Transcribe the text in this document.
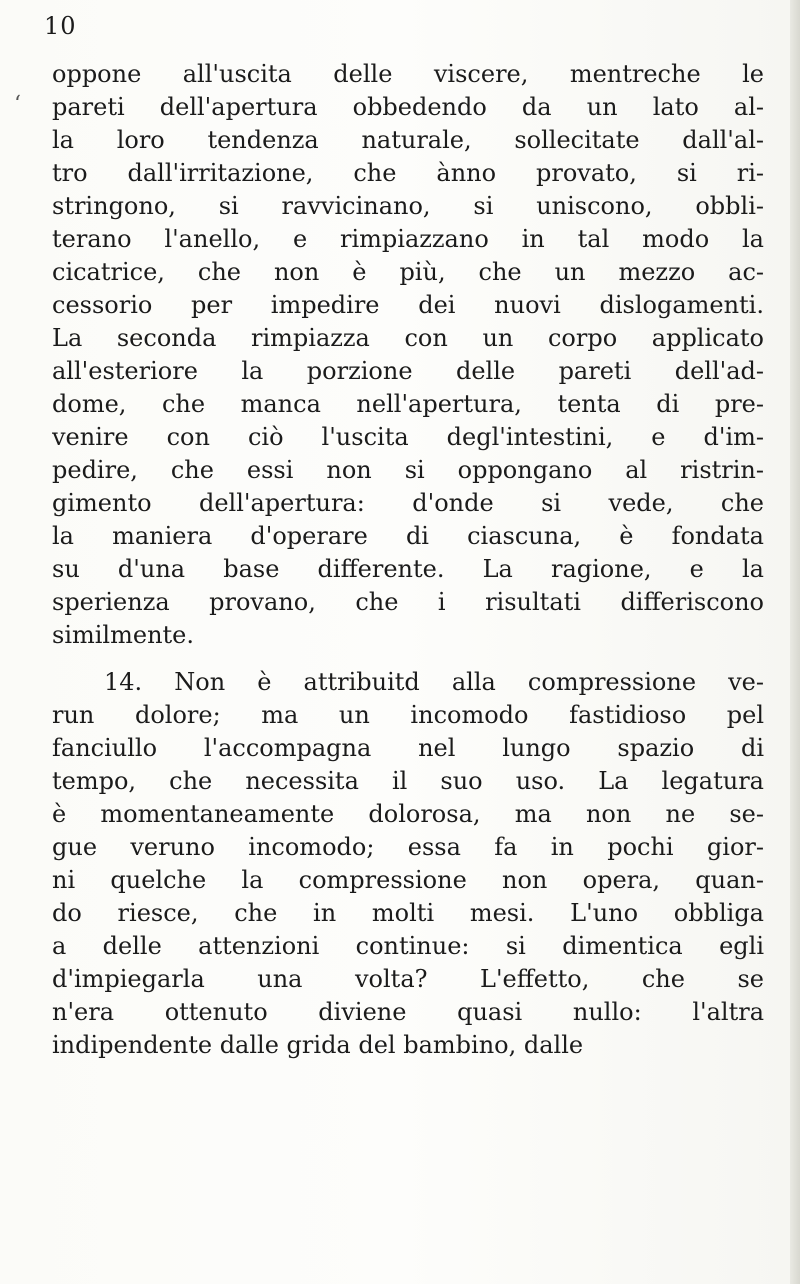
10
ʻ
oppone all'uscita delle viscere, mentreche le
pareti dell'apertura obbedendo da un lato al-
la loro tendenza naturale, sollecitate dall'al-
tro dall'irritazione, che ànno provato, si ri-
stringono, si ravvicinano, si uniscono, obbli-
terano l'anello, e rimpiazzano in tal modo la
cicatrice, che non è più, che un mezzo ac-
cessorio per impedire dei nuovi dislogamenti.
La seconda rimpiazza con un corpo applicato
all'esteriore la porzione delle pareti dell'ad-
dome, che manca nell'apertura, tenta di pre-
venire con ciò l'uscita degl'intestini, e d'im-
pedire, che essi non si oppongano al ristrin-
gimento dell'apertura: d'onde si vede, che
la maniera d'operare di ciascuna, è fondata
su d'una base differente. La ragione, e la
sperienza provano, che i risultati differiscono
similmente.
14. Non è attribuitd alla compressione ve-
run dolore; ma un incomodo fastidioso pel
fanciullo l'accompagna nel lungo spazio di
tempo, che necessita il suo uso. La legatura
è momentaneamente dolorosa, ma non ne se-
gue veruno incomodo; essa fa in pochi gior-
ni quelche la compressione non opera, quan-
do riesce, che in molti mesi. L'uno obbliga
a delle attenzioni continue: si dimentica egli
d'impiegarla una volta? L'effetto, che se
n'era ottenuto diviene quasi nullo: l'altra
indipendente dalle grida del bambino, dalle
